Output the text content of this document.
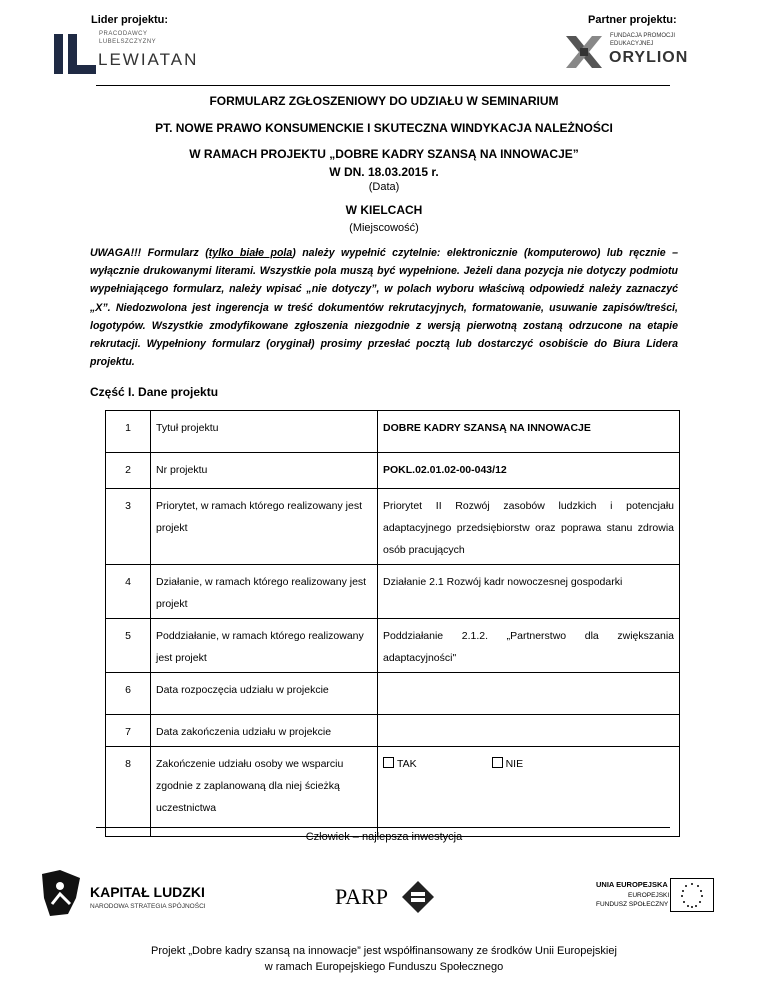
Lider projektu:	Partner projektu:
PRACODAWCY
LUBELSZCZYZNY
LEWIATAN
FUNDACJA PROMOCJI
EDUKACYJNEJ
ORYLION
FORMULARZ ZGŁOSZENIOWY DO UDZIAŁU W SEMINARIUM
PT. NOWE PRAWO KONSUMENCKIE I SKUTECZNA WINDYKACJA NALEŻNOŚCI
W RAMACH PROJEKTU „DOBRE KADRY SZANSĄ NA INNOWACJE”
W DN. 18.03.2015 r.
(Data)
W KIELCACH
(Miejscowość)
UWAGA!!! Formularz (tylko białe pola) należy wypełnić czytelnie: elektronicznie (komputerowo) lub ręcznie – wyłącznie drukowanymi literami. Wszystkie pola muszą być wypełnione. Jeżeli dana pozycja nie dotyczy podmiotu wypełniającego formularz, należy wpisać „nie dotyczy”, w polach wyboru właściwą odpowiedź należy zaznaczyć „X”. Niedozwolona jest ingerencja w treść dokumentów rekrutacyjnych, formatowanie, usuwanie zapisów/treści, logotypów. Wszystkie zmodyfikowane zgłoszenia niezgodnie z wersją pierwotną zostaną odrzucone na etapie rekrutacji. Wypełniony formularz (oryginał) prosimy przesłać pocztą lub dostarczyć osobiście do Biura Lidera projektu.
Część I. Dane projektu
1	Tytuł projektu	DOBRE KADRY SZANSĄ NA INNOWACJE
2	Nr projektu	POKL.02.01.02-00-043/12
3	Priorytet, w ramach którego realizowany jest projekt	Priorytet II Rozwój zasobów ludzkich i potencjału adaptacyjnego przedsiębiorstw oraz poprawa stanu zdrowia osób pracujących
4	Działanie, w ramach którego realizowany jest projekt	Działanie 2.1 Rozwój kadr nowoczesnej gospodarki
5	Poddziałanie, w ramach którego realizowany jest projekt	Poddziałanie 2.1.2. „Partnerstwo dla zwiększania adaptacyjności"
6	Data rozpoczęcia udziału w projekcie	
7	Data zakończenia udziału w projekcie	
8	Zakończenie udziału osoby we wsparciu zgodnie z zaplanowaną dla niej ścieżką uczestnictwa	TAK NIE
Człowiek – najlepsza inwestycja
KAPITAŁ LUDZKI
NARODOWA STRATEGIA SPÓJNOŚCI	PARP	UNIA EUROPEJSKA
EUROPEJSKI
FUNDUSZ SPOŁECZNY
Projekt „Dobre kadry szansą na innowacje” jest współfinansowany ze środków Unii Europejskiej
w ramach Europejskiego Funduszu Społecznego
